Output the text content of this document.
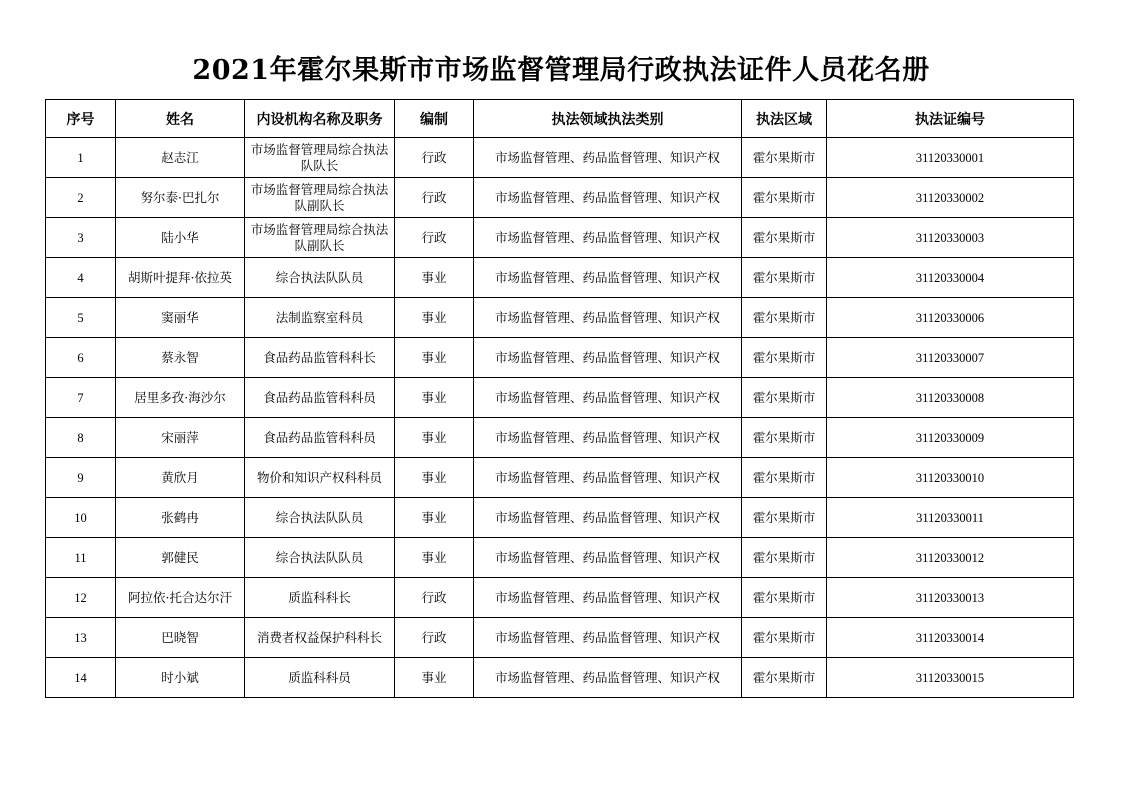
2021年霍尔果斯市市场监督管理局行政执法证件人员花名册
序号	姓名	内设机构名称及职务	编制	执法领域执法类别	执法区域	执法证编号
1	赵志江	市场监督管理局综合执法队队长	行政	市场监督管理、药品监督管理、知识产权	霍尔果斯市	31120330001
2	努尔泰·巴扎尔	市场监督管理局综合执法队副队长	行政	市场监督管理、药品监督管理、知识产权	霍尔果斯市	31120330002
3	陆小华	市场监督管理局综合执法队副队长	行政	市场监督管理、药品监督管理、知识产权	霍尔果斯市	31120330003
4	胡斯叶提拜·依拉英	综合执法队队员	事业	市场监督管理、药品监督管理、知识产权	霍尔果斯市	31120330004
5	窦丽华	法制监察室科员	事业	市场监督管理、药品监督管理、知识产权	霍尔果斯市	31120330006
6	蔡永智	食品药品监管科科长	事业	市场监督管理、药品监督管理、知识产权	霍尔果斯市	31120330007
7	居里多孜·海沙尔	食品药品监管科科员	事业	市场监督管理、药品监督管理、知识产权	霍尔果斯市	31120330008
8	宋丽萍	食品药品监管科科员	事业	市场监督管理、药品监督管理、知识产权	霍尔果斯市	31120330009
9	黄欣月	物价和知识产权科科员	事业	市场监督管理、药品监督管理、知识产权	霍尔果斯市	31120330010
10	张鹤冉	综合执法队队员	事业	市场监督管理、药品监督管理、知识产权	霍尔果斯市	31120330011
11	郭健民	综合执法队队员	事业	市场监督管理、药品监督管理、知识产权	霍尔果斯市	31120330012
12	阿拉依·托合达尔汗	质监科科长	行政	市场监督管理、药品监督管理、知识产权	霍尔果斯市	31120330013
13	巴晓智	消费者权益保护科科长	行政	市场监督管理、药品监督管理、知识产权	霍尔果斯市	31120330014
14	时小斌	质监科科员	事业	市场监督管理、药品监督管理、知识产权	霍尔果斯市	31120330015
